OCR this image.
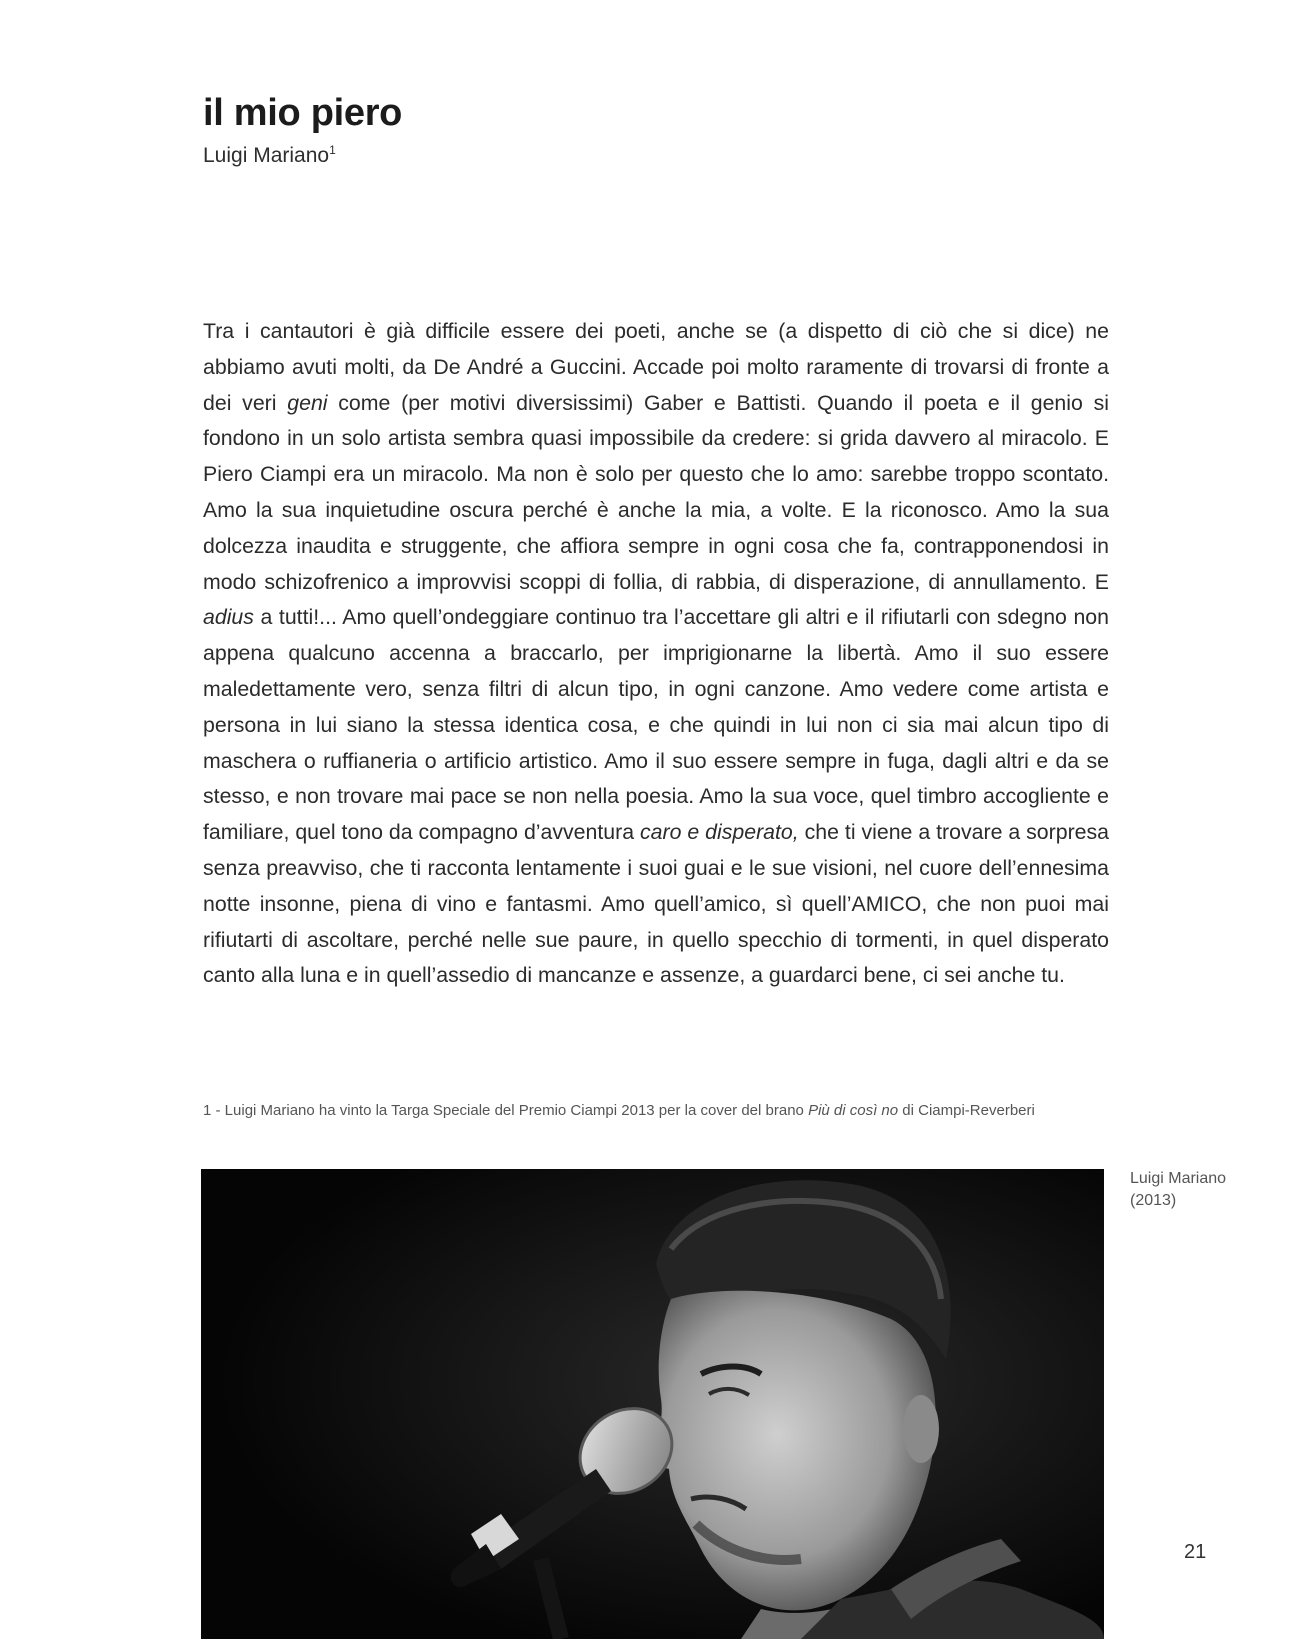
il mio piero
Luigi Mariano$^1$

Tra i cantautori è già difficile essere dei poeti, anche se (a dispetto di ciò che si dice) ne abbiamo avuti molti, da De André a Guccini. Accade poi molto raramente di trovarsi di fronte a dei veri geni come (per motivi diversissimi) Gaber e Battisti. Quando il poeta e il genio si fondono in un solo artista sembra quasi impossibile da credere: si grida davvero al miracolo. E Piero Ciampi era un miracolo. Ma non è solo per questo che lo amo: sarebbe troppo scontato. Amo la sua inquietudine oscura perché è anche la mia, a volte. E la riconosco. Amo la sua dolcezza inaudita e struggente, che affiora sempre in ogni cosa che fa, contrapponendosi in modo schizofrenico a improvvisi scoppi di follia, di rabbia, di disperazione, di annullamento. E adius a tutti!... Amo quell’ondeggiare continuo tra l’accettare gli altri e il rifiutarli con sdegno non appena qualcuno accenna a braccarlo, per imprigionarne la libertà. Amo il suo essere maledettamente vero, senza filtri di alcun tipo, in ogni canzone. Amo vedere come artista e persona in lui siano la stessa identica cosa, e che quindi in lui non ci sia mai alcun tipo di maschera o ruffianeria o artificio artistico. Amo il suo essere sempre in fuga, dagli altri e da se stesso, e non trovare mai pace se non nella poesia. Amo la sua voce, quel timbro accogliente e familiare, quel tono da compagno d’avventura caro e disperato, che ti viene a trovare a sorpresa senza preavviso, che ti racconta lentamente i suoi guai e le sue visioni, nel cuore dell’ennesima notte insonne, piena di vino e fantasmi. Amo quell’amico, sì quell’AMICO, che non puoi mai rifiutarti di ascoltare, perché nelle sue paure, in quello specchio di tormenti, in quel disperato canto alla luna e in quell’assedio di mancanze e assenze, a guardarci bene, ci sei anche tu.

1 - Luigi Mariano ha vinto la Targa Speciale del Premio Ciampi 2013 per la cover del brano Più di così no di Ciampi-Reverberi

Luigi Mariano
(2013)
21
